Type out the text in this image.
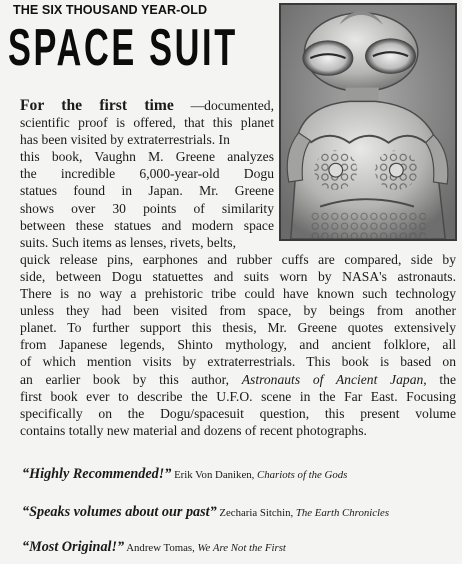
THE SIX THOUSAND YEAR-OLD
SPACE SUIT
For the first time —documented,
scientific proof is offered, that this planet
has been visited by extraterrestrials. In
this book, Vaughn M. Greene analyzes
the incredible 6,000-year-old Dogu
statues found in Japan. Mr. Greene
shows over 30 points of similarity
between these statues and modern space
suits. Such items as lenses, rivets, belts,
quick release pins, earphones and rubber cuffs are compared, side by
side, between Dogu statuettes and suits worn by NASA's astronauts.
There is no way a prehistoric tribe could have known such technology
unless they had been visited from space, by beings from another
planet. To further support this thesis, Mr. Greene quotes extensively
from Japanese legends, Shinto mythology, and ancient folklore, all
of which mention visits by extraterrestrials. This book is based on
an earlier book by this author, Astronauts of Ancient Japan, the
first book ever to describe the U.F.O. scene in the Far East. Focusing
specifically on the Dogu/spacesuit question, this present volume
contains totally new material and dozens of recent photographs.
“Highly Recommended!” Erik Von Daniken, Chariots of the Gods
“Speaks volumes about our past” Zecharia Sitchin, The Earth Chronicles
“Most Original!” Andrew Tomas, We Are Not the First
